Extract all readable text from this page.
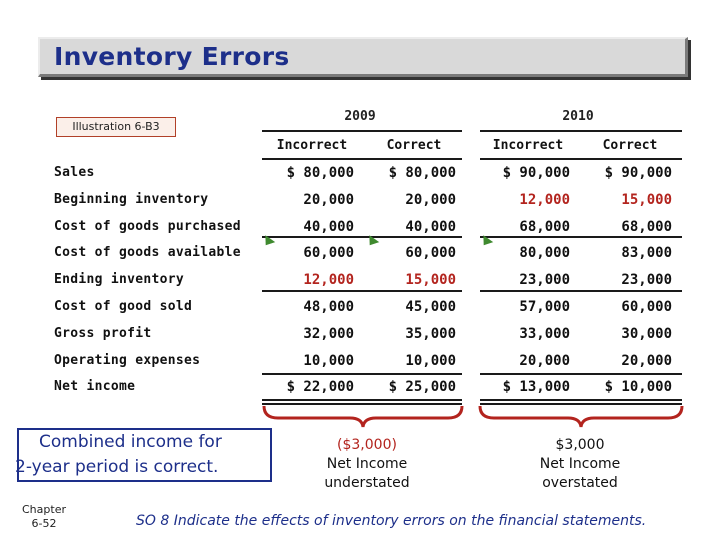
Inventory Errors
Illustration 6-B3
2009	2010
Incorrect	Correct	Incorrect	Correct
Sales	$ 80,000	$ 80,000	$ 90,000	$ 90,000
Beginning inventory	20,000	20,000	12,000	15,000
Cost of goods purchased	40,000	40,000	68,000	68,000
Cost of goods available	60,000	60,000	80,000	83,000
Ending inventory	12,000	15,000	23,000	23,000
Cost of good sold	48,000	45,000	57,000	60,000
Gross profit	32,000	35,000	33,000	30,000
Operating expenses	10,000	10,000	20,000	20,000
Net income	$ 22,000	$ 25,000	$ 13,000	$ 10,000
Combined income for
2-year period is correct.
($3,000)
Net Income
understated
$3,000
Net Income
overstated
Chapter
6-52	SO 8 Indicate the effects of inventory errors on the financial statements.
